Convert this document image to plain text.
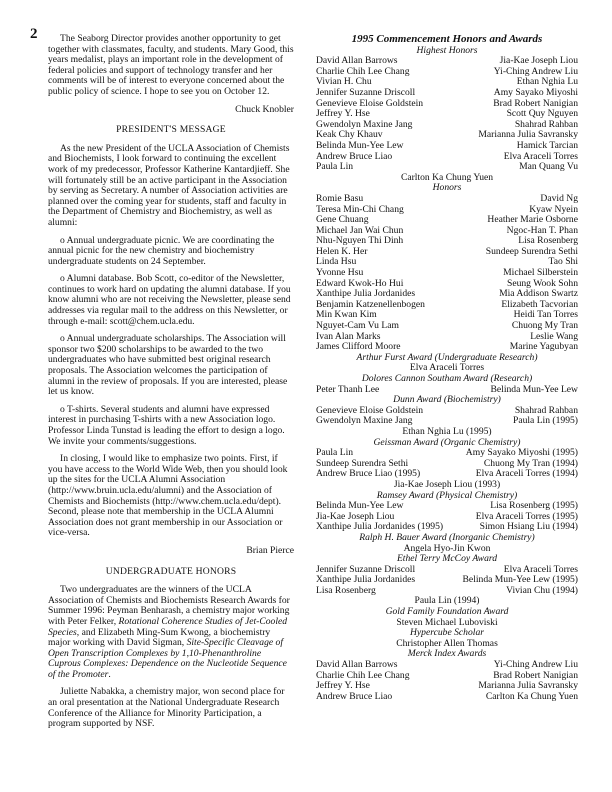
2	The Seaborg Director provides another opportunity to get together with classmates, faculty, and students. Mary Good, this years medalist, plays an important role in the development of federal policies and support of technology transfer and her comments will be of interest to everyone concerned about the public policy of science. I hope to see you on October 12.

Chuck Knobler

PRESIDENT'S MESSAGE

As the new President of the UCLA Association of Chemists and Biochemists, I look forward to continuing the excellent work of my predecessor, Professor Katherine Kantardjieff. She will fortunately still be an active participant in the Association by serving as Secretary. A number of Association activities are planned over the coming year for students, staff and faculty in the Department of Chemistry and Biochemistry, as well as alumni:

o Annual undergraduate picnic. We are coordinating the annual picnic for the new chemistry and biochemistry undergraduate students on 24 September.

o Alumni database. Bob Scott, co-editor of the Newsletter, continues to work hard on updating the alumni database. If you know alumni who are not receiving the Newsletter, please send addresses via regular mail to the address on this Newsletter, or through e-mail: scott@chem.ucla.edu.

o Annual undergraduate scholarships. The Association will sponsor two $200 scholarships to be awarded to the two undergraduates who have submitted best original research proposals. The Association welcomes the participation of alumni in the review of proposals. If you are interested, please let us know.

o T-shirts. Several students and alumni have expressed interest in purchasing T-shirts with a new Association logo. Professor Linda Tunstad is leading the effort to design a logo. We invite your comments/suggestions.

In closing, I would like to emphasize two points. First, if you have access to the World Wide Web, then you should look up the sites for the UCLA Alumni Association (http://www.bruin.ucla.edu/alumni) and the Association of Chemists and Biochemists (http://www.chem.ucla.edu/dept). Second, please note that membership in the UCLA Alumni Association does not grant membership in our Association or vice-versa.

Brian Pierce

UNDERGRADUATE HONORS

Two undergraduates are the winners of the UCLA Association of Chemists and Biochemists Research Awards for Summer 1996: Peyman Benharash, a chemistry major working with Peter Felker, Rotational Coherence Studies of Jet-Cooled Species, and Elizabeth Ming-Sum Kwong, a biochemistry major working with David Sigman, Site-Specific Cleavage of Open Transcription Complexes by 1,10-Phenanthroline Cuprous Complexes: Dependence on the Nucleotide Sequence of the Promoter.

Juliette Nabakka, a chemistry major, won second place for an oral presentation at the National Undergraduate Research Conference of the Alliance for Minority Participation, a program supported by NSF.

1995 Commencement Honors and Awards
Highest Honors
David Allan Barrows	Jia-Kae Joseph Liou
Charlie Chih Lee Chang	Yi-Ching Andrew Liu
Vivian H. Chu	Ethan Nghia Lu
Jennifer Suzanne Driscoll	Amy Sayako Miyoshi
Genevieve Eloise Goldstein	Brad Robert Nanigian
Jeffrey Y. Hse	Scott Quy Nguyen
Gwendolyn Maxine Jang	Shahrad Rahban
Keak Chy Khauv	Marianna Julia Savransky
Belinda Mun-Yee Lew	Hamick Tarcian
Andrew Bruce Liao	Elva Araceli Torres
Paula Lin	Man Quang Vu
Carlton Ka Chung Yuen
Honors
Romie Basu	David Ng
Teresa Min-Chi Chang	Kyaw Nyein
Gene Chuang	Heather Marie Osborne
Michael Jan Wai Chun	Ngoc-Han T. Phan
Nhu-Nguyen Thi Dinh	Lisa Rosenberg
Helen K. Her	Sundeep Surendra Sethi
Linda Hsu	Tao Shi
Yvonne Hsu	Michael Silberstein
Edward Kwok-Ho Hui	Seung Wook Sohn
Xanthipe Julia Jordanides	Mia Addison Swartz
Benjamin Katzenellenbogen	Elizabeth Tacvorian
Min Kwan Kim	Heidi Tan Torres
Nguyet-Cam Vu Lam	Chuong My Tran
Ivan Alan Marks	Leslie Wang
James Clifford Moore	Marine Yagubyan
Arthur Furst Award (Undergraduate Research)
Elva Araceli Torres
Dolores Cannon Southam Award (Research)
Peter Thanh Lee	Belinda Mun-Yee Lew
Dunn Award (Biochemistry)
Genevieve Eloise Goldstein	Shahrad Rahban
Gwendolyn Maxine Jang	Paula Lin (1995)
Ethan Nghia Lu (1995)
Geissman Award (Organic Chemistry)
Paula Lin	Amy Sayako Miyoshi (1995)
Sundeep Surendra Sethi	Chuong My Tran (1994)
Andrew Bruce Liao (1995)	Elva Araceli Torres (1994)
Jia-Kae Joseph Liou (1993)
Ramsey Award (Physical Chemistry)
Belinda Mun-Yee Lew	Lisa Rosenberg (1995)
Jia-Kae Joseph Liou	Elva Araceli Torres (1995)
Xanthipe Julia Jordanides (1995)	Simon Hsiang Liu (1994)
Ralph H. Bauer Award (Inorganic Chemistry)
Angela Hyo-Jin Kwon
Ethel Terry McCoy Award
Jennifer Suzanne Driscoll	Elva Araceli Torres
Xanthipe Julia Jordanides	Belinda Mun-Yee Lew (1995)
Lisa Rosenberg	Vivian Chu (1994)
Paula Lin (1994)
Gold Family Foundation Award
Steven Michael Luboviski
Hypercube Scholar
Christopher Allen Thomas
Merck Index Awards
David Allan Barrows	Yi-Ching Andrew Liu
Charlie Chih Lee Chang	Brad Robert Nanigian
Jeffrey Y. Hse	Marianna Julia Savransky
Andrew Bruce Liao	Carlton Ka Chung Yuen
